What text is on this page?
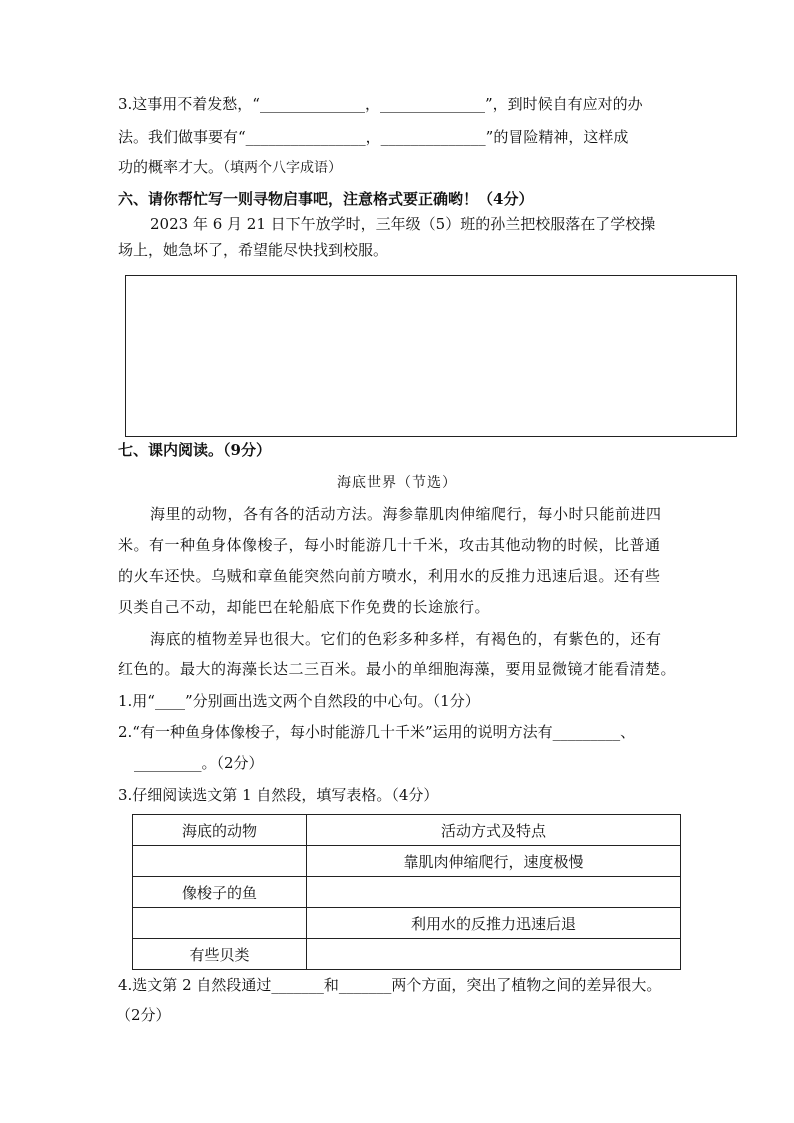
3.这事用不着发愁，“______________，______________”，到时候自有应对的办
法。我们做事要有“________________，______________”的冒险精神，这样成
功的概率才大。（填两个八字成语）
六、请你帮忙写一则寻物启事吧，注意格式要正确哟！（4分）
2023 年 6 月 21 日下午放学时，三年级（5）班的孙兰把校服落在了学校操
场上，她急坏了，希望能尽快找到校服。
七、课内阅读。（9分）
海底世界（节选）
海里的动物，各有各的活动方法。海参靠肌肉伸缩爬行，每小时只能前进四
米。有一种鱼身体像梭子，每小时能游几十千米，攻击其他动物的时候，比普通
的火车还快。乌贼和章鱼能突然向前方喷水，利用水的反推力迅速后退。还有些
贝类自己不动，却能巴在轮船底下作免费的长途旅行。
海底的植物差异也很大。它们的色彩多种多样，有褐色的，有紫色的，还有
红色的。最大的海藻长达二三百米。最小的单细胞海藻，要用显微镜才能看清楚。
1.用“____”分别画出选文两个自然段的中心句。（1分）
2.“有一种鱼身体像梭子，每小时能游几十千米”运用的说明方法有_________、
_________。（2分）
3.仔细阅读选文第 1 自然段，填写表格。（4分）
海底的动物	活动方式及特点
	靠肌肉伸缩爬行，速度极慢
像梭子的鱼	
	利用水的反推力迅速后退
有些贝类	
4.选文第 2 自然段通过_______和_______两个方面，突出了植物之间的差异很大。
（2分）
